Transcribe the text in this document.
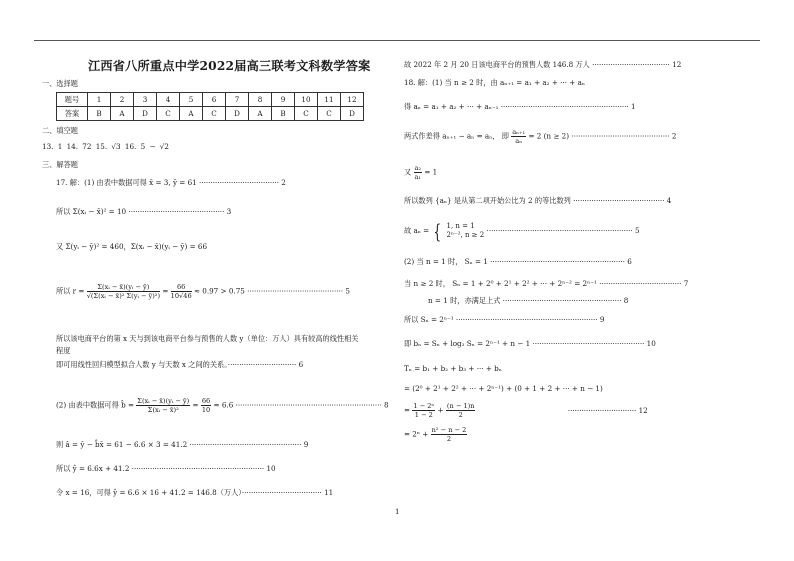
江西省八所重点中学2022届高三联考文科数学答案
一、选择题
题号	1	2	3	4	5	6	7	8	9	10	11	12
答案	B	A	D	C	A	C	D	A	B	C	C	D
二、填空题
13. 1 14. 72 15. √3 16. 5 − √2
三、解答题
17. 解：(1) 由表中数据可得 x̄ = 3, ȳ = 61 ··································· 2
所以 Σ(xᵢ − x̄)² = 10 ·········································· 3
又 Σ(yᵢ − ȳ)² = 460，Σ(xᵢ − x̄)(yᵢ − ȳ) = 66
所以 $r = \frac{\text{Σ(xᵢ − x̄)(yᵢ − ȳ)}}{\text{√(Σ(xᵢ − x̄)² Σ(yᵢ − ȳ)²)}} = \frac{66}{10√46} \approx 0.97 > 0.75$ ·········································· 5
所以该电商平台的第 x 天与到该电商平台参与预售的人数 y（单位：万人）具有较高的线性相关
程度
即可用线性回归模型拟合人数 y 与天数 x 之间的关系。······························ 6
(2) 由表中数据可得 b̂ = $\frac{\text{Σ(xᵢ − x̄)(yᵢ − ȳ)}}{\text{Σ(xᵢ − x̄)²}} = \frac{66}{10} = 6.6$ ································································ 8
则 â = ȳ − b̂x̄ = 61 − 6.6 × 3 = 41.2 ················································· 9
所以 ŷ = 6.6x + 41.2 ·························································· 10
令 x = 16，可得 ŷ = 6.6 × 16 + 41.2 = 146.8（万人）··································· 11
故 2022 年 2 月 20 日该电商平台的预售人数 146.8 万人 ·································· 12
18. 解：(1) 当 n ≥ 2 时，由 aₙ₊₁ = a₁ + a₂ + ··· + aₙ
得 aₙ = a₁ + a₂ + ··· + aₙ₋₁ ························································ 1
两式作差得 aₙ₊₁ − aₙ = aₙ， 即 $\frac{\text{aₙ₊₁}}{\text{aₙ}} = 2$ (n ≥ 2) ··········································· 2
又 $\frac{\text{a₂}}{\text{a₁}} = 1$
所以数列 {aₙ} 是从第二项开始公比为 2 的等比数列 ········································ 4
故 aₙ = { 1, n = 1
2ⁿ⁻², n ≥ 2 ································································ 5
(2) 当 n = 1 时， Sₙ = 1 ··························································· 6
当 n ≥ 2 时， Sₙ = 1 + 2⁰ + 2¹ + 2² + ··· + 2ⁿ⁻² = 2ⁿ⁻¹ ···································· 7
n = 1 时，亦满足上式 ···················································· 8
所以 Sₙ = 2ⁿ⁻¹ ······························································ 9
即 bₙ = Sₙ + log₂ Sₙ = 2ⁿ⁻¹ + n − 1 ················································· 10
Tₙ = b₁ + b₂ + b₃ + ··· + bₙ
= (2⁰ + 2¹ + 2² + ··· + 2ⁿ⁻¹) + (0 + 1 + 2 + ··· + n − 1)
= $\frac{\text{1 − 2ⁿ}}{1 - 2} + \frac{(n - 1)n}{2}$	······························ 12
= $2^n + \frac{\text{n² − n − 2}}{2}$
1
